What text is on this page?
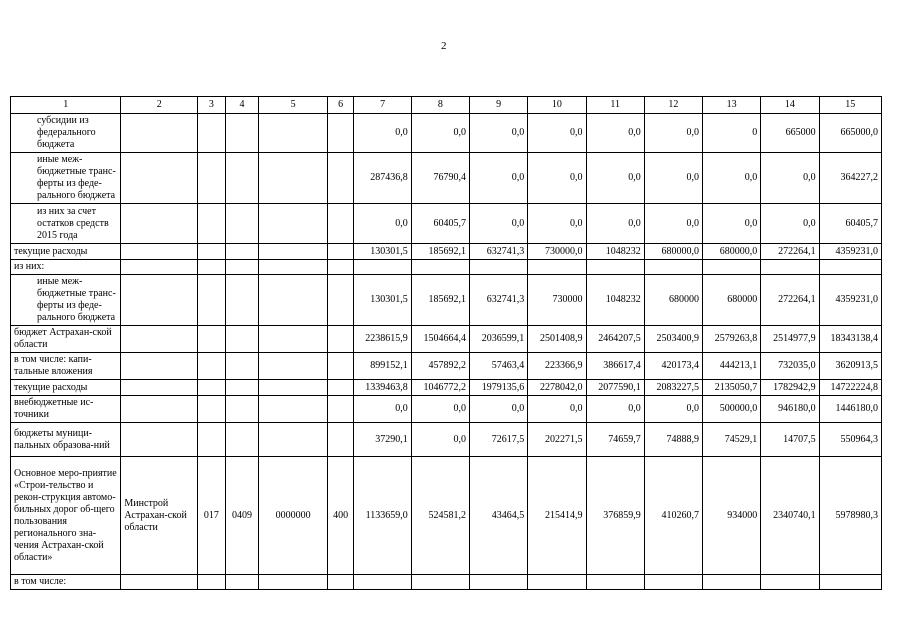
2
1	2	3	4	5	6	7	8	9	10	11	12	13	14	15
субсидии из федерального бюджета						0,0	0,0	0,0	0,0	0,0	0,0	0	665000	665000,0
иные меж-бюджетные транс-ферты из феде-рального бюджета						287436,8	76790,4	0,0	0,0	0,0	0,0	0,0	0,0	364227,2
из них за счет остатков средств 2015 года						0,0	60405,7	0,0	0,0	0,0	0,0	0,0	0,0	60405,7
текущие расходы						130301,5	185692,1	632741,3	730000,0	1048232	680000,0	680000,0	272264,1	4359231,0
из них:														
иные меж-бюджетные транс-ферты из феде-рального бюджета						130301,5	185692,1	632741,3	730000	1048232	680000	680000	272264,1	4359231,0
бюджет Астрахан-ской области						2238615,9	1504664,4	2036599,1	2501408,9	2464207,5	2503400,9	2579263,8	2514977,9	18343138,4
в том числе: капи-тальные вложения						899152,1	457892,2	57463,4	223366,9	386617,4	420173,4	444213,1	732035,0	3620913,5
текущие расходы						1339463,8	1046772,2	1979135,6	2278042,0	2077590,1	2083227,5	2135050,7	1782942,9	14722224,8
внебюджетные ис-точники						0,0	0,0	0,0	0,0	0,0	0,0	500000,0	946180,0	1446180,0
бюджеты муници-пальных образова-ний						37290,1	0,0	72617,5	202271,5	74659,7	74888,9	74529,1	14707,5	550964,3
Основное меро-приятие «Строи-тельство и рекон-струкция автомо-бильных дорог об-щего пользования регионального зна-чения Астрахан-ской области»	Минстрой Астрахан-ской области	017	0409	0000000	400	1133659,0	524581,2	43464,5	215414,9	376859,9	410260,7	934000	2340740,1	5978980,3
в том числе:														
